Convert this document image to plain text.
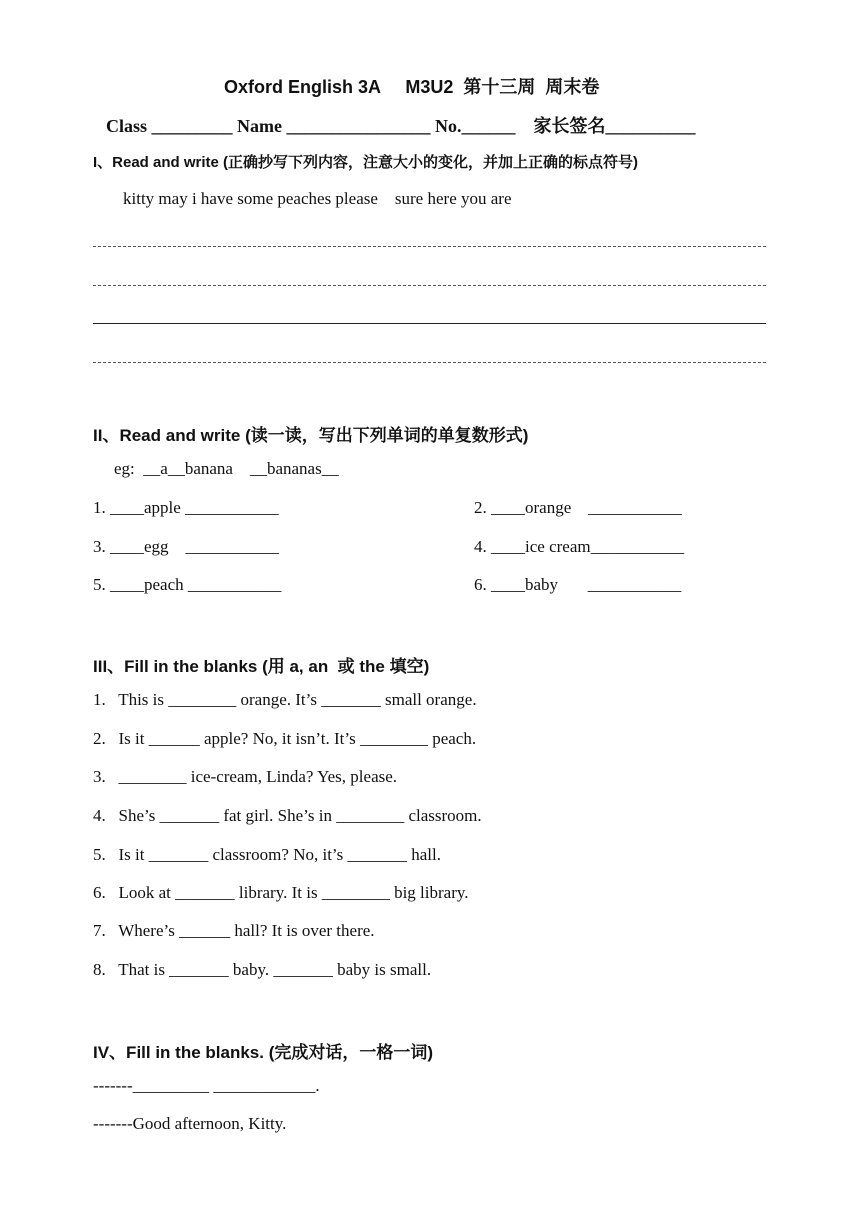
Oxford English 3A     M3U2  第十三周  周末卷
Class _________ Name ________________ No.______    家长签名__________
I、Read and write (正确抄写下列内容，注意大小的变化，并加上正确的标点符号)
kitty may i have some peaches please    sure here you are
II、Read and write (读一读，写出下列单词的单复数形式)
eg:  __a__banana    __bananas__
1. ____apple ___________	2. ____orange    ___________
3. ____egg    ___________	4. ____ice cream___________
5. ____peach ___________	6. ____baby       ___________
III、Fill in the blanks (用 a, an  或 the 填空)
1.   This is ________ orange. It’s _______ small orange.
2.   Is it ______ apple? No, it isn’t. It’s ________ peach.
3.   ________ ice-cream, Linda? Yes, please.
4.   She’s _______ fat girl. She’s in ________ classroom.
5.   Is it _______ classroom? No, it’s _______ hall.
6.   Look at _______ library. It is ________ big library.
7.   Where’s ______ hall? It is over there.
8.   That is _______ baby. _______ baby is small.
IV、Fill in the blanks. (完成对话，一格一词)
-------_________ ____________.
-------Good afternoon, Kitty.
